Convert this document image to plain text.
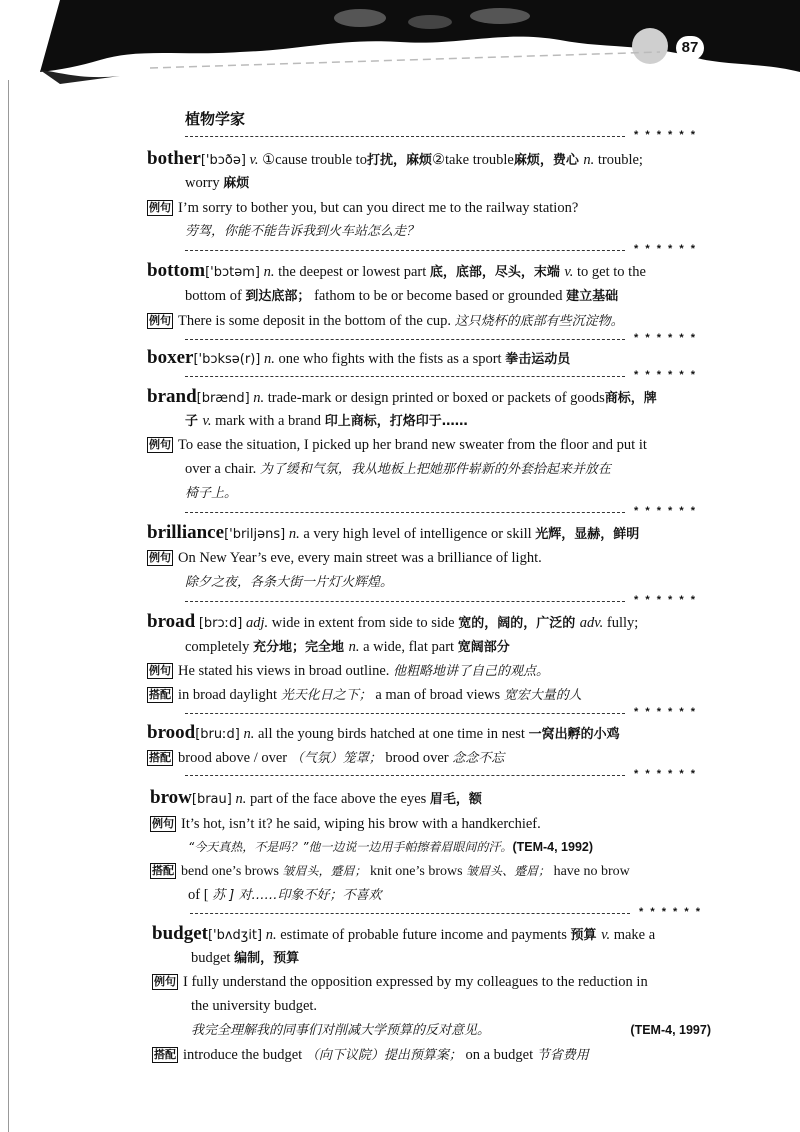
87
植物学家
* * * * * *
bother['bɔðə] v. ①cause trouble to打扰，麻烦②take trouble麻烦，费心 n. trouble;
worry 麻烦
例句 I’m sorry to bother you, but can you direct me to the railway station?
劳驾，你能不能告诉我到火车站怎么走？
* * * * * *
bottom['bɔtəm] n. the deepest or lowest part 底，底部，尽头，末端 v. to get to the
bottom of 到达底部； fathom to be or become based or grounded 建立基础
例句 There is some deposit in the bottom of the cup. 这只烧杯的底部有些沉淀物。
* * * * * *
boxer['bɔksə(r)] n. one who fights with the fists as a sport 拳击运动员
* * * * * *
brand[brænd] n. trade-mark or design printed or boxed or packets of goods商标，牌
子 v. mark with a brand 印上商标，打烙印于……
例句 To ease the situation, I picked up her brand new sweater from the floor and put it
over a chair. 为了缓和气氛，我从地板上把她那件崭新的外套拾起来并放在
椅子上。
* * * * * *
brilliance['briljəns] n. a very high level of intelligence or skill 光辉，显赫，鲜明
例句 On New Year’s eve, every main street was a brilliance of light.
除夕之夜，各条大街一片灯火辉煌。
* * * * * *
broad [brɔːd] adj. wide in extent from side to side 宽的，阔的，广泛的 adv. fully;
completely 充分地；完全地 n. a wide, flat part 宽阔部分
例句 He stated his views in broad outline. 他粗略地讲了自己的观点。
搭配 in broad daylight 光天化日之下； a man of broad views 宽宏大量的人
* * * * * *
brood[bruːd] n. all the young birds hatched at one time in nest 一窝出孵的小鸡
搭配 brood above / over （气氛）笼罩； brood over 念念不忘
* * * * * *
brow[brau] n. part of the face above the eyes 眉毛，额
例句 It’s hot, isn’t it? he said, wiping his brow with a handkerchief.
“今天真热，不是吗？”他一边说一边用手帕擦着眉眼间的汗。(TEM-4, 1992)
搭配 bend one’s brows 皱眉头，蹙眉； knit one’s brows 皱眉头、蹙眉； have no brow
of [ 苏 ] 对……印象不好；不喜欢
* * * * * *
budget['bʌdʒit] n. estimate of probable future income and payments 预算 v. make a
budget 编制，预算
例句 I fully understand the opposition expressed by my colleagues to the reduction in
the university budget.
我完全理解我的同事们对削减大学预算的反对意见。	(TEM-4, 1997)
搭配 introduce the budget （向下议院）提出预算案； on a budget 节省费用
